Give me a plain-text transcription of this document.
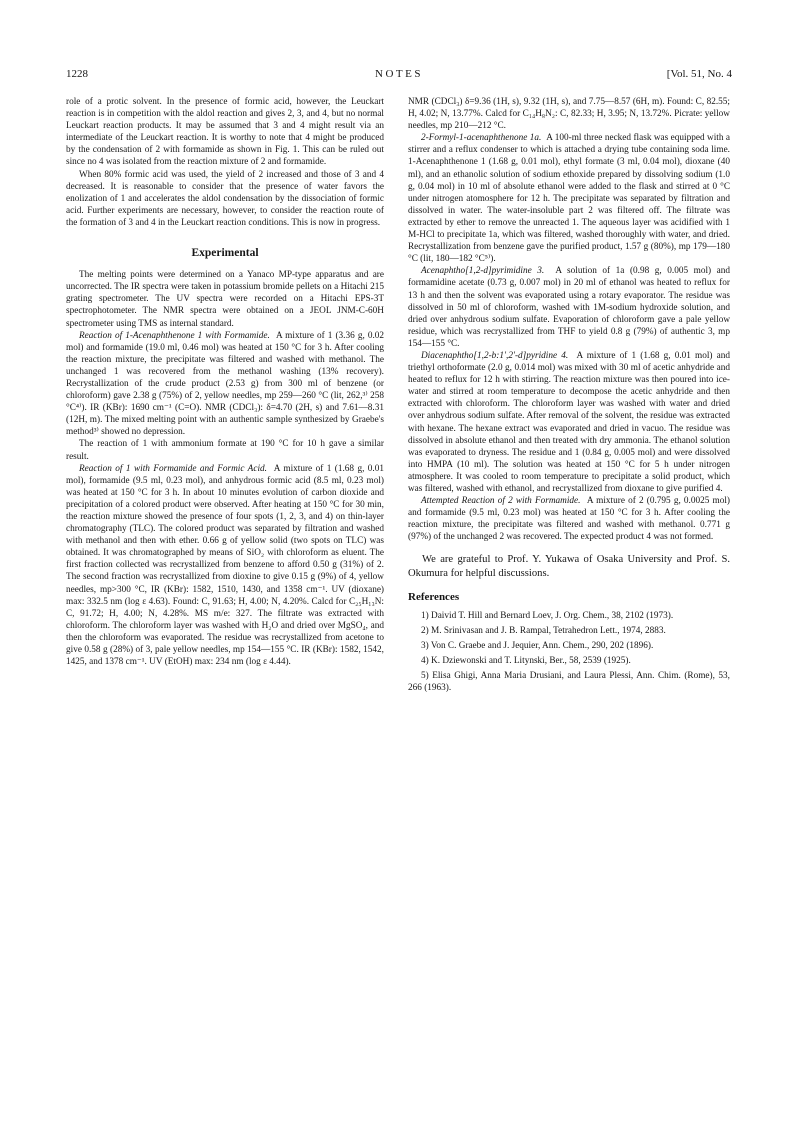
1228	NOTES	[Vol. 51, No. 4

role of a protic solvent. In the presence of formic acid, however, the Leuckart reaction is in competition with the aldol reaction and gives 2, 3, and 4, but no normal Leuckart reaction products. It may be assumed that 3 and 4 might result via an intermediate of the Leuckart reaction. It is worthy to note that 4 might be produced by the condensation of 2 with formamide as shown in Fig. 1. This can be ruled out since no 4 was isolated from the reaction mixture of 2 and formamide.

When 80% formic acid was used, the yield of 2 increased and those of 3 and 4 decreased. It is reasonable to consider that the presence of water favors the enolization of 1 and accelerates the aldol condensation by the dissociation of formic acid. Further experiments are necessary, however, to consider the reaction route of the formation of 3 and 4 in the Leuckart reaction conditions. This is now in progress.

Experimental

The melting points were determined on a Yanaco MP-type apparatus and are uncorrected. The IR spectra were taken in potassium bromide pellets on a Hitachi 215 grating spectrometer. The UV spectra were recorded on a Hitachi EPS-3T spectrophotometer. The NMR spectra were obtained on a JEOL JNM-C-60H spectrometer using TMS as internal standard.

Reaction of 1-Acenaphthenone 1 with Formamide. A mixture of 1 (3.36 g, 0.02 mol) and formamide (19.0 ml, 0.46 mol) was heated at 150 °C for 3 h. After cooling the reaction mixture, the precipitate was filtered and washed with methanol. The unchanged 1 was recovered from the methanol washing (13% recovery). Recrystallization of the crude product (2.53 g) from 300 ml of benzene (or chloroform) gave 2.38 g (75%) of 2, yellow needles, mp 259—260 °C (lit, 262,³⁾ 258 °C⁴⁾). IR (KBr): 1690 cm⁻¹ (C=O). NMR (CDCl₃): δ=4.70 (2H, s) and 7.61—8.31 (12H, m). The mixed melting point with an authentic sample synthesized by Graebe's method³⁾ showed no depression.

The reaction of 1 with ammonium formate at 190 °C for 10 h gave a similar result.

Reaction of 1 with Formamide and Formic Acid. A mixture of 1 (1.68 g, 0.01 mol), formamide (9.5 ml, 0.23 mol), and anhydrous formic acid (8.5 ml, 0.23 mol) was heated at 150 °C for 3 h. In about 10 minutes evolution of carbon dioxide and precipitation of a colored product were observed. After heating at 150 °C for 30 min, the reaction mixture showed the presence of four spots (1, 2, 3, and 4) on thin-layer chromatography (TLC). The colored product was separated by filtration and washed with methanol and then with ether. 0.66 g of yellow solid (two spots on TLC) was obtained. It was chromatographed by means of SiO₂ with chloroform as eluent. The first fraction collected was recrystallized from benzene to afford 0.50 g (31%) of 2. The second fraction was recrystallized from dioxine to give 0.15 g (9%) of 4, yellow needles, mp>300 °C, IR (KBr): 1582, 1510, 1430, and 1358 cm⁻¹. UV (dioxane) max: 332.5 nm (log ε 4.63). Found: C, 91.63; H, 4.00; N, 4.20%. Calcd for C₂₅H₁₃N: C, 91.72; H, 4.00; N, 4.28%. MS m/e: 327. The filtrate was extracted with chloroform. The chloroform layer was washed with H₂O and dried over MgSO₄, and then the chloroform was evaporated. The residue was recrystallized from acetone to give 0.58 g (28%) of 3, pale yellow needles, mp 154—155 °C. IR (KBr): 1582, 1542, 1425, and 1378 cm⁻¹. UV (EtOH) max: 234 nm (log ε 4.44).

NMR (CDCl₃) δ=9.36 (1H, s), 9.32 (1H, s), and 7.75—8.57 (6H, m). Found: C, 82.55; H, 4.02; N, 13.77%. Calcd for C₁₄H₈N₂: C, 82.33; H, 3.95; N, 13.72%. Picrate: yellow needles, mp 210—212 °C.

2-Formyl-1-acenaphthenone 1a. A 100-ml three necked flask was equipped with a stirrer and a reflux condenser to which is attached a drying tube containing soda lime. 1-Acenaphthenone 1 (1.68 g, 0.01 mol), ethyl formate (3 ml, 0.04 mol), dioxane (40 ml), and an ethanolic solution of sodium ethoxide prepared by dissolving sodium (1.0 g, 0.04 mol) in 10 ml of absolute ethanol were added to the flask and stirred at 0 °C under nitrogen atomosphere for 12 h. The precipitate was separated by filtration and dissolved in water. The water-insoluble part 2 was filtered off. The filtrate was extracted by ether to remove the unreacted 1. The aqueous layer was acidified with 1 M-HCl to precipitate 1a, which was filtered, washed thoroughly with water, and dried. Recrystallization from benzene gave the purified product, 1.57 g (80%), mp 179—180 °C (lit, 180—182 °C⁵⁾).

Acenaphtho[1,2-d]pyrimidine 3. A solution of 1a (0.98 g, 0.005 mol) and formamidine acetate (0.73 g, 0.007 mol) in 20 ml of ethanol was heated to reflux for 13 h and then the solvent was evaporated using a rotary evaporator. The residue was dissolved in 50 ml of chloroform, washed with 1M-sodium hydroxide solution, and dried over anhydrous sodium sulfate. Evaporation of chloroform gave a pale yellow residue, which was recrystallized from THF to yield 0.8 g (79%) of authentic 3, mp 154—155 °C.

Diacenaphtho[1,2-b:1′,2′-d]pyridine 4. A mixture of 1 (1.68 g, 0.01 mol) and triethyl orthoformate (2.0 g, 0.014 mol) was mixed with 30 ml of acetic anhydride and heated to reflux for 12 h with stirring. The reaction mixture was then poured into ice-water and stirred at room temperature to decompose the acetic anhydride and then extracted with chloroform. The chloroform layer was washed with water and dried over anhydrous sodium sulfate. After removal of the solvent, the residue was extracted with hexane. The hexane extract was evaporated and dried in vacuo. The residue was dissolved in absolute ethanol and then treated with dry ammonia. The ethanol solution was evaporated to dryness. The residue and 1 (0.84 g, 0.005 mol) and were dissolved into HMPA (10 ml). The solution was heated at 150 °C for 5 h under nitrogen atmosphere. It was cooled to room temperature to precipitate a solid product, which was filtered, washed with ethanol, and recrystallized from dioxane to give purified 4.

Attempted Reaction of 2 with Formamide. A mixture of 2 (0.795 g, 0.0025 mol) and formamide (9.5 ml, 0.23 mol) was heated at 150 °C for 3 h. After cooling the reaction mixture, the precipitate was filtered and washed with methanol. 0.771 g (97%) of the unchanged 2 was recovered. The expected product 4 was not formed.

We are grateful to Prof. Y. Yukawa of Osaka University and Prof. S. Okumura for helpful discussions.

References

1) Daivid T. Hill and Bernard Loev, J. Org. Chem., 38, 2102 (1973).

2) M. Srinivasan and J. B. Rampal, Tetrahedron Lett., 1974, 2883.

3) Von C. Graebe and J. Jequier, Ann. Chem., 290, 202 (1896).

4) K. Dziewonski and T. Litynski, Ber., 58, 2539 (1925).

5) Elisa Ghigi, Anna Maria Drusiani, and Laura Plessi, Ann. Chim. (Rome), 53, 266 (1963).
